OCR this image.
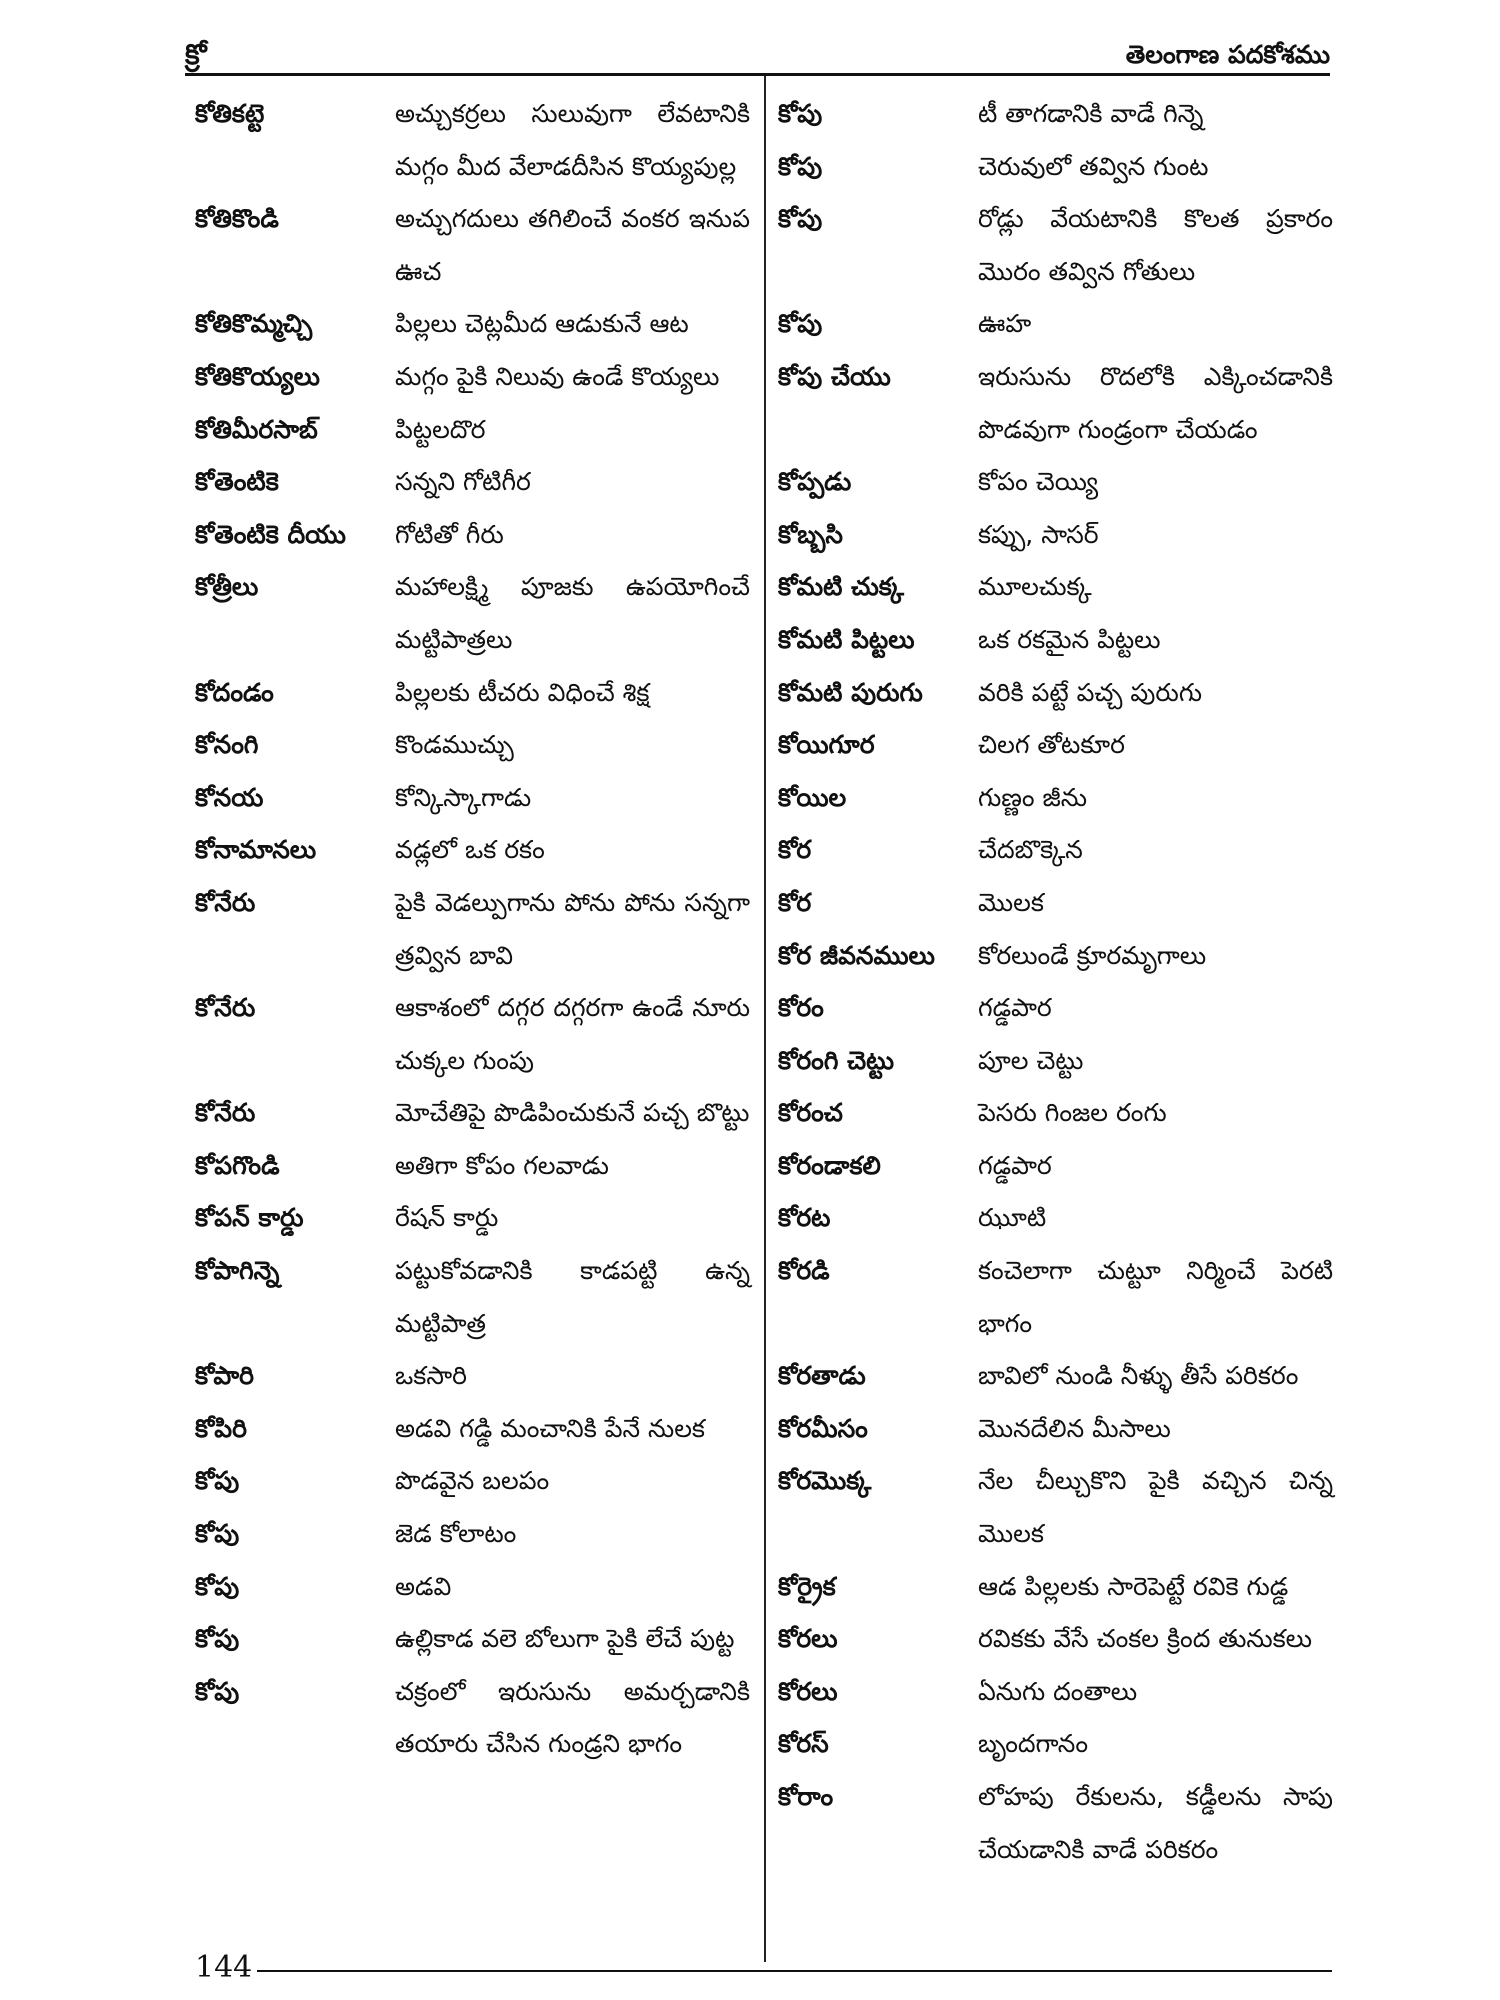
క్రో	తెలంగాణ పదకోశము
కోతికట్టె	అచ్చుకర్రలు సులువుగా లేవటానికి మగ్గం మీద వేలాడదీసిన కొయ్యపుల్ల
కోతికొండి	అచ్చుగదులు తగిలించే వంకర ఇనుప ఊచ
కోతికొమ్మచ్చి	పిల్లలు చెట్లమీద ఆడుకునే ఆట
కోతికొయ్యలు	మగ్గం పైకి నిలువు ఉండే కొయ్యలు
కోతిమీరసాబ్	పిట్టలదొర
కోతెంటికె	సన్నని గోటిగీర
కోతెంటికె దీయు	గోటితో గీరు
కోత్రీలు	మహాలక్ష్మి పూజకు ఉపయోగించే మట్టిపాత్రలు
కోదండం	పిల్లలకు టీచరు విధించే శిక్ష
కోనంగి	కొండముచ్చు
కోనయ	కోన్కిస్కాగాడు
కోనామానలు	వడ్లలో ఒక రకం
కోనేరు	పైకి వెడల్పుగాను పోను పోను సన్నగా త్రవ్విన బావి
కోనేరు	ఆకాశంలో దగ్గర దగ్గరగా ఉండే నూరు చుక్కల గుంపు
కోనేరు	మోచేతిపై పొడిపించుకునే పచ్చ బొట్టు
కోపగొండి	అతిగా కోపం గలవాడు
కోపన్ కార్డు	రేషన్ కార్డు
కోపాగిన్నె	పట్టుకోవడానికి కాడపట్టి ఉన్న మట్టిపాత్ర
కోపారి	ఒకసారి
కోపిరి	అడవి గడ్డి మంచానికి పేనే నులక
కోపు	పొడవైన బలపం
కోపు	జెడ కోలాటం
కోపు	అడవి
కోపు	ఉల్లికాడ వలె బోలుగా పైకి లేచే పుట్ట
కోపు	చక్రంలో ఇరుసును అమర్చడానికి తయారు చేసిన గుండ్రని భాగం
కోపు	టీ తాగడానికి వాడే గిన్నె
కోపు	చెరువులో తవ్విన గుంట
కోపు	రోడ్లు వేయటానికి కొలత ప్రకారం మొరం తవ్విన గోతులు
కోపు	ఊహ
కోపు చేయు	ఇరుసును రొదలోకి ఎక్కించడానికి పొడవుగా గుండ్రంగా చేయడం
కోప్పడు	కోపం చెయ్యి
కోబ్బసి	కప్పు, సాసర్
కోమటి చుక్క	మూలచుక్క
కోమటి పిట్టలు	ఒక రకమైన పిట్టలు
కోమటి పురుగు	వరికి పట్టే పచ్చ పురుగు
కోయిగూర	చిలగ తోటకూర
కోయిల	గుణ్ణం జీను
కోర	చేదబొక్కెన
కోర	మొలక
కోర జీవనములు	కోరలుండే క్రూరమృగాలు
కోరం	గడ్డపార
కోరంగి చెట్టు	పూల చెట్టు
కోరంచ	పెసరు గింజల రంగు
కోరండాకలి	గడ్డపార
కోరట	ఝూటి
కోరడి	కంచెలాగా చుట్టూ నిర్మించే పెరటి భాగం
కోరతాడు	బావిలో నుండి నీళ్ళు తీసే పరికరం
కోరమీసం	మొనదేలిన మీసాలు
కోరమొక్క	నేల చీల్చుకొని పైకి వచ్చిన చిన్న మొలక
కోర్రైక	ఆడ పిల్లలకు సారెపెట్టే రవికె గుడ్డ
కోరలు	రవికకు వేసే చంకల క్రింద తునుకలు
కోరలు	ఏనుగు దంతాలు
కోరస్	బృందగానం
కోరాం	లోహపు రేకులను, కడ్డీలను సాపు చేయడానికి వాడే పరికరం
144
